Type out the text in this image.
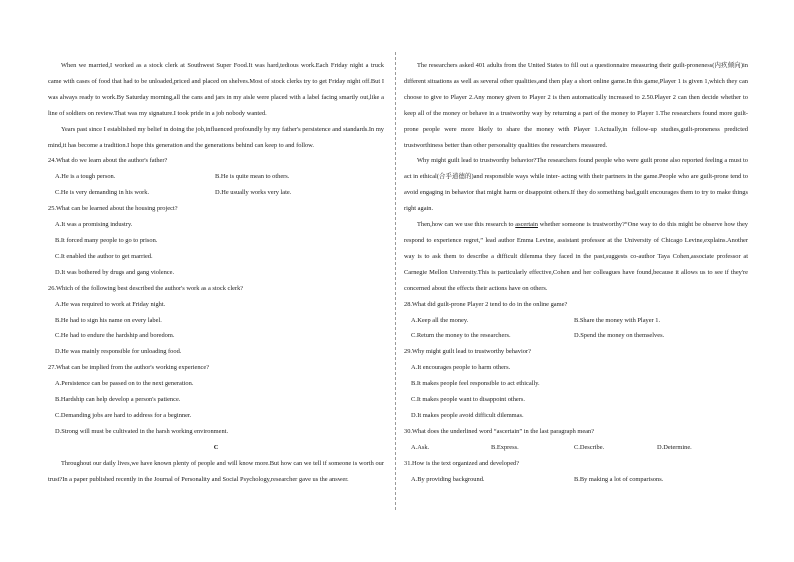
When we married,I worked as a stock clerk at Southwest Super Food.It was hard,tedious work.Each Friday night a truck came with cases of food that had to be unloaded,priced and placed on shelves.Most of stock clerks try to get Friday night off.But I was always ready to work.By Saturday morning,all the cans and jars in my aisle were placed with a label facing smartly out,like a line of soldiers on review.That was my signature.I took pride in a job nobody wanted.

Years past since I established my belief in doing the job,influenced profoundly by my father's persistence and standards.In my mind,it has become a tradition.I hope this generation and the generations behind can keep to and follow.

24.What do we learn about the author's father?
A.He is a tough person.	B.He is quite mean to others.
C.He is very demanding in his work.	D.He usually works very late.
25.What can be learned about the housing project?
A.It was a promising industry.
B.It forced many people to go to prison.
C.It enabled the author to get married.
D.It was bothered by drugs and gang violence.
26.Which of the following best described the author's work as a stock clerk?
A.He was required to work at Friday night.
B.He had to sign his name on every label.
C.He had to endure the hardship and boredom.
D.He was mainly responsible for unloading food.
27.What can be implied from the author's working experience?
A.Persistence can be passed on to the next generation.
B.Hardship can help develop a person's patience.
C.Demanding jobs are hard to address for a beginner.
D.Strong will must be cultivated in the harsh working environment.
C

Throughout our daily lives,we have known plenty of people and will know more.But how can we tell if someone is worth our trust?In a paper published recently in the Journal of Personality and Social Psychology,researcher gave us the answer.

The researchers asked 401 adults from the United States to fill out a questionnaire measuring their guilt-proneness(内疚倾向)in different situations as well as several other qualities,and then play a short online game.In this game,Player 1 is given 1,which they can choose to give to Player 2.Any money given to Player 2 is then automatically increased to 2.50.Player 2 can then decide whether to keep all of the money or behave in a trustworthy way by returning a part of the money to Player 1.The researchers found more guilt-prone people were more likely to share the money with Player 1.Actually,in follow-up studies,guilt-proneness predicted trustworthiness better than other personality qualities the researchers measured.

Why might guilt lead to trustworthy behavior?The researchers found people who were guilt prone also reported feeling a must to act in ethical(合乎道德的)and responsible ways while inter- acting with their partners in the game.People who are guilt-prone tend to avoid engaging in behavior that might harm or disappoint others.If they do something bad,guilt encourages them to try to make things right again.

Then,how can we use this research to ascertain whether someone is trustworthy?“One way to do this might be observe how they respond to experience regret,” lead author Emma Levine, assistant professor at the University of Chicago Levine,explains.Another way is to ask them to describe a difficult dilemma they faced in the past,suggests co-author Taya Cohen,associate professor at Carnegie Mellon University.This is particularly effective,Cohen and her colleagues have found,because it allows us to see if they're concerned about the effects their actions have on others.

28.What did guilt-prone Player 2 tend to do in the online game?
A.Keep all the money.	B.Share the money with Player 1.
C.Return the money to the researchers.	D.Spend the money on themselves.
29.Why might guilt lead to trustworthy behavior?
A.It encourages people to harm others.
B.It makes people feel responsible to act ethically.
C.It makes people want to disappoint others.
D.It makes people avoid difficult dilemmas.
30.What does the underlined word “ascertain” in the last paragraph mean?
A.Ask.	B.Express.	C.Describe.	D.Determine.
31.How is the text organized and developed?
A.By providing background.	B.By making a lot of comparisons.
